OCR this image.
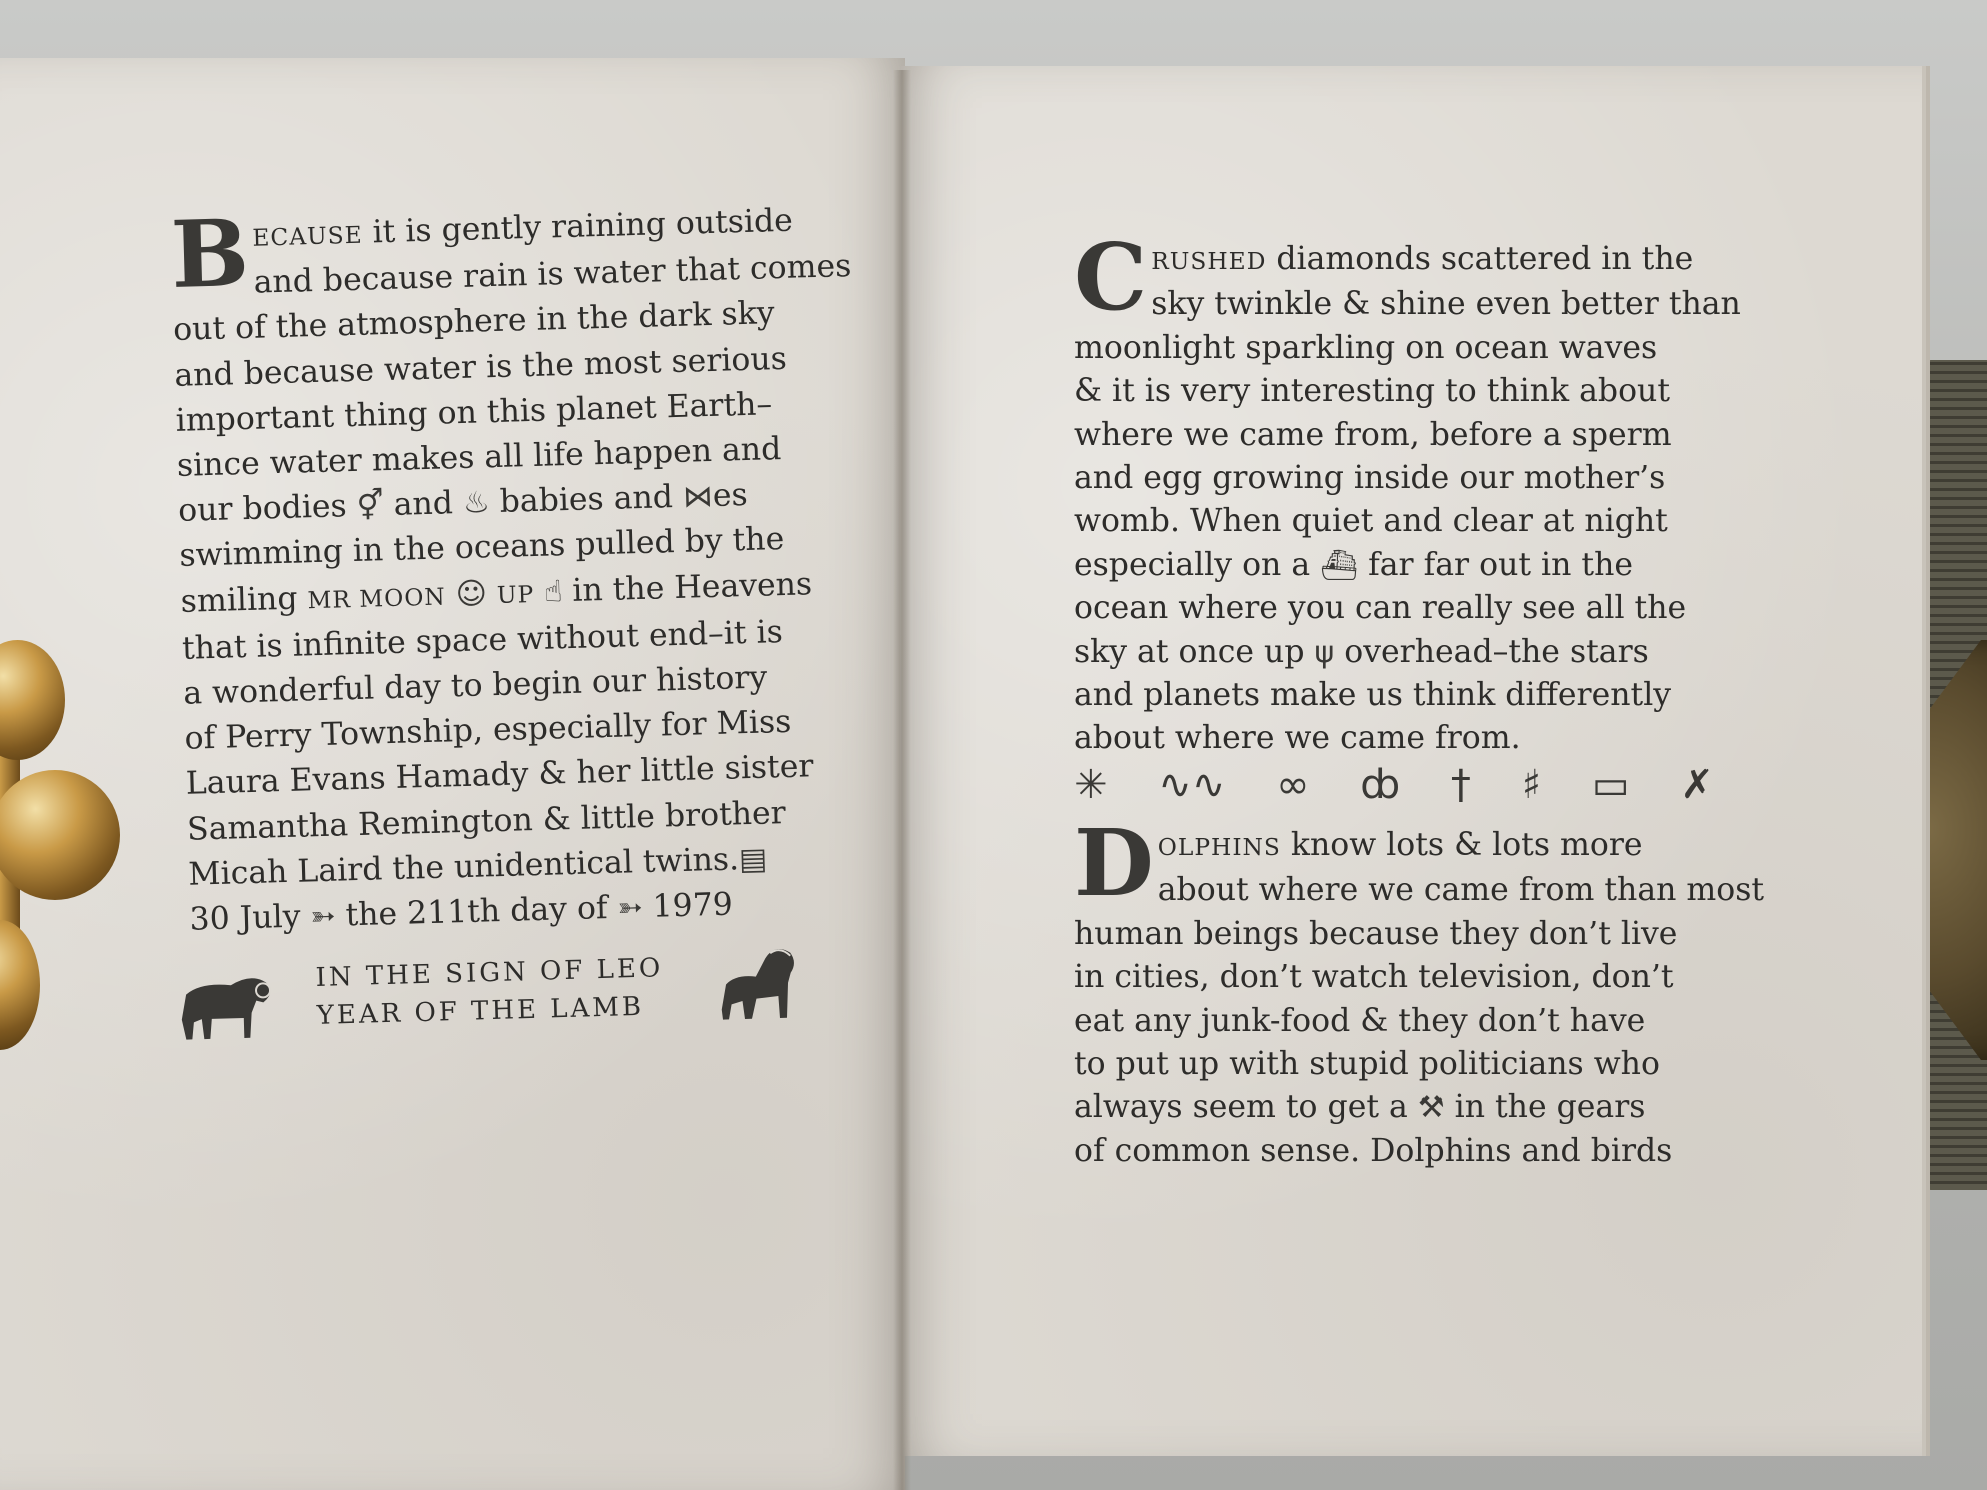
B ECAUSE it is gently raining outside
and because rain is water that comes
out of the atmosphere in the dark sky
and because water is the most serious
important thing on this planet Earth–
since water makes all life happen and
our bodies ⚥ and ♨ babies and ⋈es
swimming in the oceans pulled by the
smiling MR MOON ☺ UP ☝ in the Heavens
that is infinite space without end–it is
a wonderful day to begin our history
of Perry Township, especially for Miss
Laura Evans Hamady & her little sister
Samantha Remington & little brother
Micah Laird the unidentical twins.▤
30 July ➳ the 211th day of ➳ 1979
IN THE SIGN OF LEO
YEAR OF THE LAMB
C RUSHED diamonds scattered in the
sky twinkle & shine even better than
moonlight sparkling on ocean waves
& it is very interesting to think about
where we came from, before a sperm
and egg growing inside our mother’s
womb. When quiet and clear at night
especially on a ⛴ far far out in the
ocean where you can really see all the
sky at once up ψ overhead–the stars
and planets make us think differently
about where we came from.
✳ ∿∿ ∞ ȸ † ♯ ▭ ✗
D OLPHINS know lots & lots more
about where we came from than most
human beings because they don’t live
in cities, don’t watch television, don’t
eat any junk-food & they don’t have
to put up with stupid politicians who
always seem to get a ⚒ in the gears
of common sense. Dolphins and birds
